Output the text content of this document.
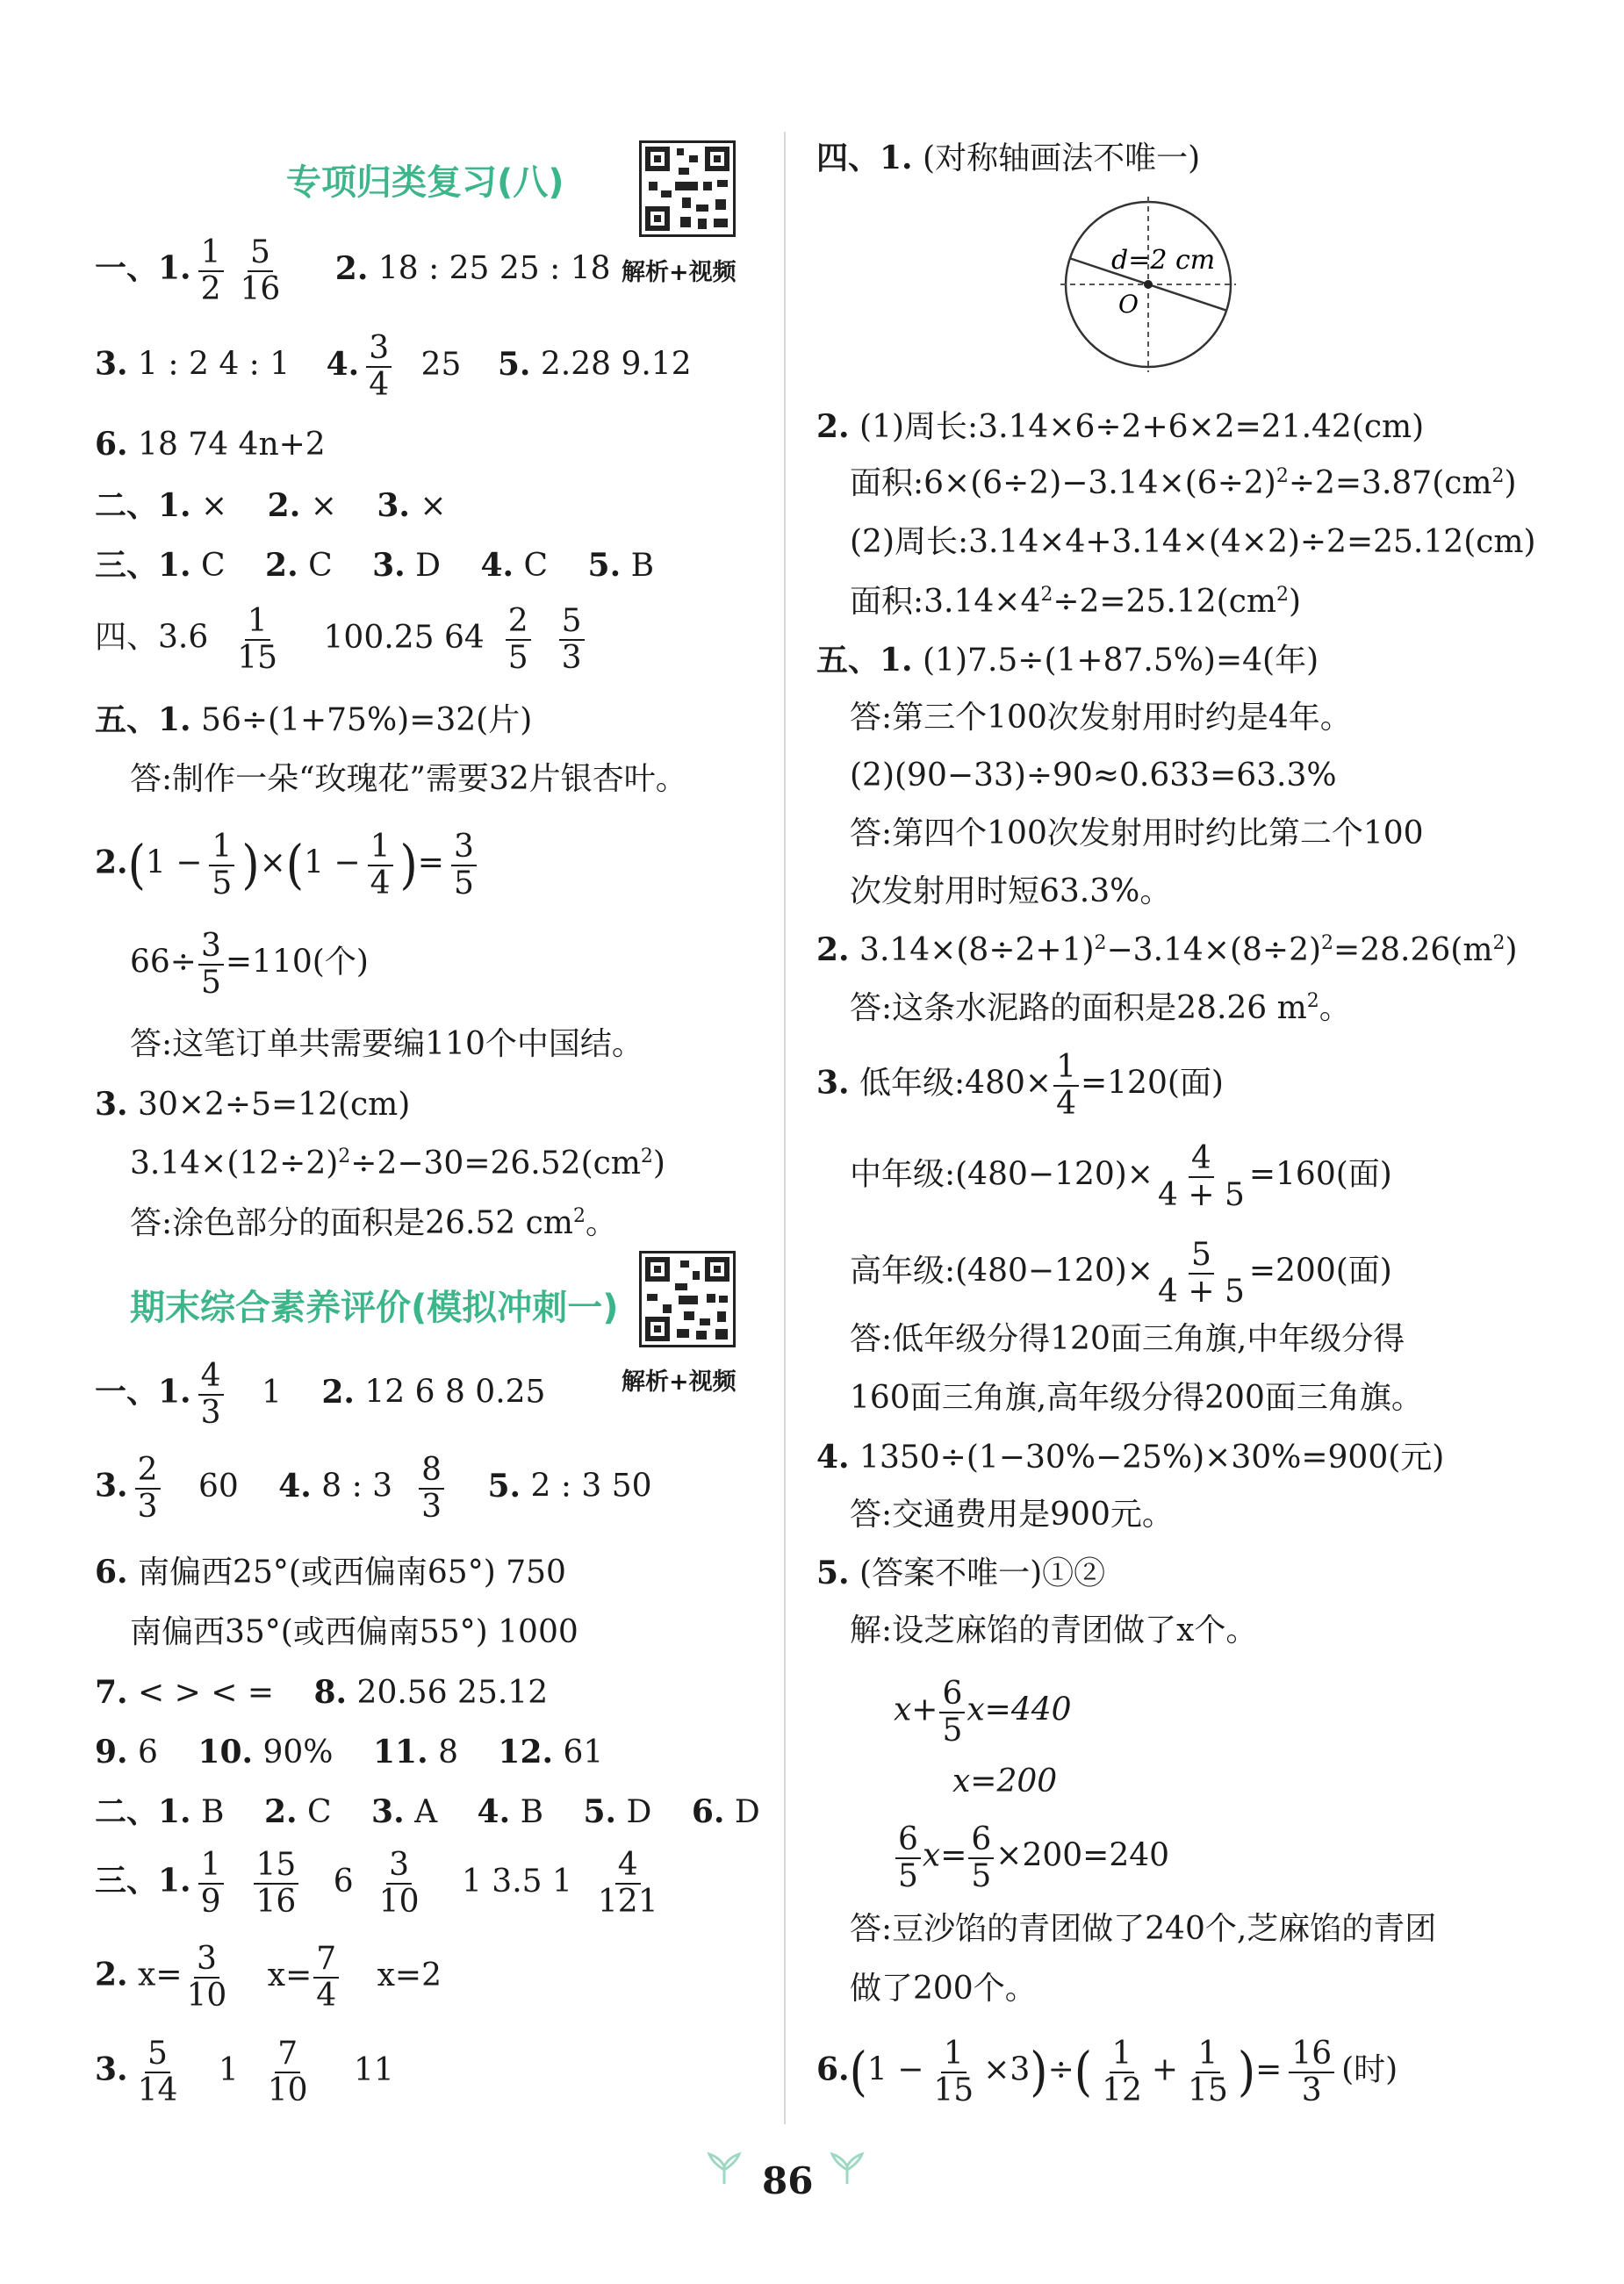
专项归类复习(八)
解析+视频
一、1. $\frac{1}{2} \frac{5}{16} 2$. 18 : 25 25 : 18
3. 1 : 2 4 : 1 4. $\frac{3}{4} 25$ 5. 2.28 9.12
6. 18 74 4n+2
二、1. × 2. × 3. ×
三、1. C 2. C 3. D 4. C 5. B
四、$3.6 \frac{1}{15} 100.25$ $64 \frac{2}{5} \frac{5}{3}$
五、1. 56÷(1+75%)=32(片)
答:制作一朵“玫瑰花”需要32片银杏叶。
$2.(1 - \frac{1}{5} )\times(1 - \frac{1}{4}$ )= $\frac{3}{5}$
$66\div \frac{3}{5} =110$(个)
答:这笔订单共需要编110个中国结。
3. 30×2÷5=12(cm)
$3.14\times(12\div 2)^2\div 2-30=26.52(cm^2)$
答:涂色部分的面积是26.52 $cm^2$。
期末综合素养评价(模拟冲刺一)
解析+视频
一、1. $\frac{4}{3} 1$ 2. 12 6 8 0.25
3. $\frac{2}{3} 60$ 4. 8 : $3 \frac{8}{3} 5$. 2 : 3 50
6. 南偏西25°(或西偏南65°) 750
南偏西35°(或西偏南55°) 1000
7. < > < = 8. 20.56 25.12
9. 6 10. 90% 11. 8 12. 61
二、1. B 2. C 3. A 4. B 5. D 6. D
三、1. $\frac{1}{9} \frac{15}{16} 6 \frac{3}{10} 1$ 3.5 $1 \frac{4}{121}$
2. $x= \frac{3}{10} x= \frac{7}{4} x=2$
3. $\frac{5}{14} 1 \frac{7}{10} 11$
四、1. (对称轴画法不唯一)
d=2 cm
O
2. (1)周长:3.14×6÷2+6×2=21.42(cm)
面积$:6\times(6\div 2)-3.14\times(6\div 2)^2\div 2=3.87(cm^2)$
(2)周长:3.14×4+3.14×(4×2)÷2=25.12(cm)
面积$:3.14\times 4^2\div 2=25.12(cm^2)$
五、1. (1)7.5÷(1+87.5%)=4(年)
答:第三个100次发射用时约是4年。
(2)(90−33)÷90≈0.633=63.3%
答:第四个100次发射用时约比第二个100
次发射用时短63.3%。
2. $3.14\times(8\div 2+1)^2-3.14\times(8\div 2)^2=28.26(m^2)$
答:这条水泥路的面积是28.26 $m^2$。
3. 低年级:480× $\frac{1}{4} =120$(面)
中年级:(480−120)× $\frac{4}{4 + 5} =160$(面)
高年级:(480−120)× $\frac{5}{4 + 5} =200$(面)
答:低年级分得120面三角旗,中年级分得
160面三角旗,高年级分得200面三角旗。
4. 1350÷(1−30%−25%)×30%=900(元)
答:交通费用是900元。
5. (答案不唯一)①②
解:设芝麻馅的青团做了x个。
$x+ \frac{6}{5} x=440$
x=200
$\frac{6}{5} x= \frac{6}{5} \times 200=240$
答:豆沙馅的青团做了240个,芝麻馅的青团
做了200个。
$6.(1 - \frac{1}{15} \times 3)\div( \frac{1}{12} + \frac{1}{15}$ )= $\frac{16}{3}$ (时)
86
